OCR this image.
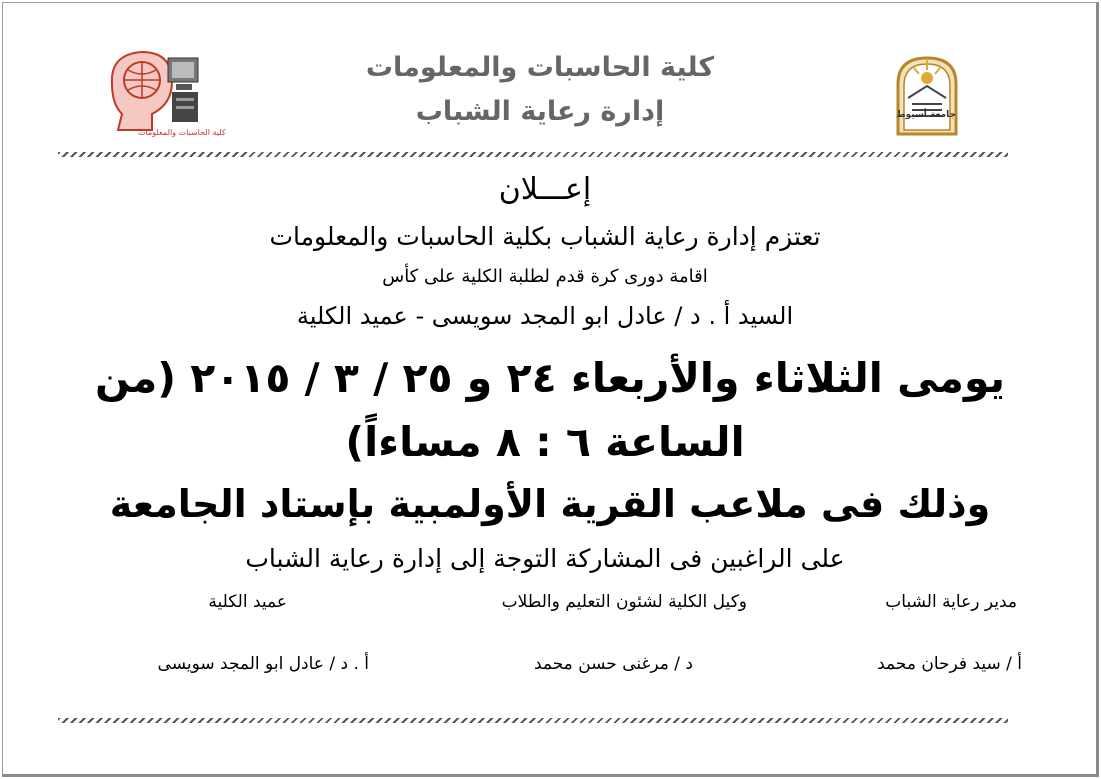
كلية الحاسبات والمعلومات
جامعة أسيوط
كلية الحاسبات والمعلومات
إدارة رعاية الشباب
إعـــلان
تعتزم إدارة رعاية الشباب بكلية الحاسبات والمعلومات
اقامة دورى كرة قدم لطلبة الكلية على كأس
السيد أ . د / عادل ابو المجد سويسى - عميد الكلية
يومى الثلاثاء والأربعاء ٢٤ و ٢٥ / ٣ / ٢٠١٥ (من
الساعة ٦ : ٨ مساءاً)
وذلك فى ملاعب القرية الأولمبية بإستاد الجامعة
على الراغبين فى المشاركة التوجة إلى إدارة رعاية الشباب
مدير رعاية الشباب
وكيل الكلية لشئون التعليم والطلاب
عميد الكلية
أ / سيد فرحان محمد
د / مرغنى حسن محمد
أ . د / عادل ابو المجد سويسى
